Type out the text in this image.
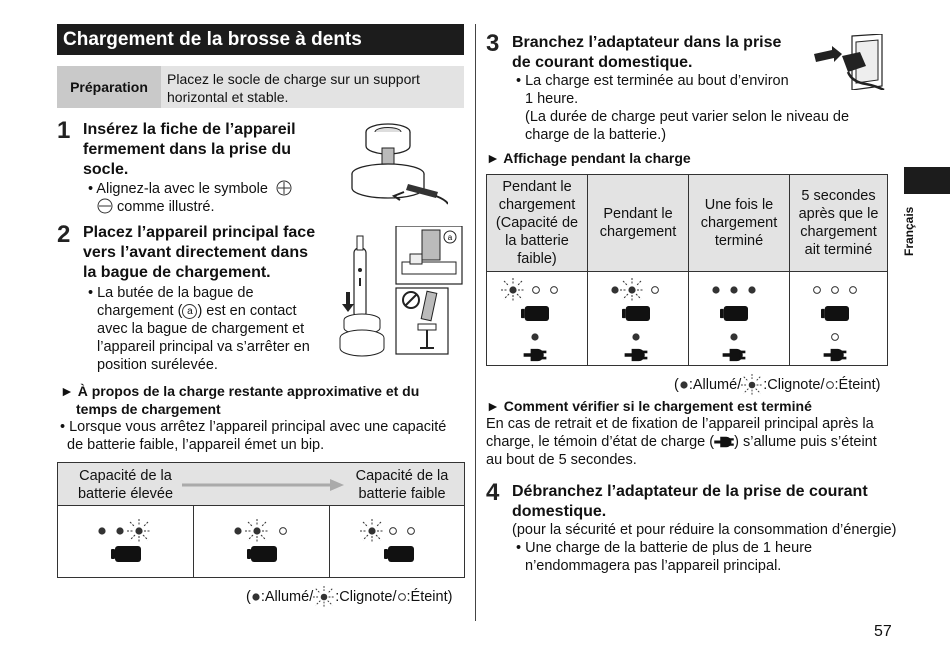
Chargement de la brosse à dents
Préparation	Placez le socle de charge sur un support
horizontal et stable.
1 Insérez la fiche de l’appareil
fermement dans la prise du
socle.
• Alignez-la avec le symbole
comme illustré.
2 Placez l’appareil principal face
vers l’avant directement dans
la bague de chargement.
• La butée de la bague de
chargement ( a ) est en contact
avec la bague de chargement et
l’appareil principal va s’arrêter en
position surélevée.
a
► À propos de la charge restante approximative et du
temps de chargement
• Lorsque vous arrêtez l’appareil principal avec une capacité
de batterie faible, l’appareil émet un bip.
Capacité de la
batterie élevée
Capacité de la
batterie faible
( :Allumé/ :Clignote/ :Éteint)
3 Branchez l’adaptateur dans la prise
de courant domestique.
• La charge est terminée au bout d’environ
1 heure.
(La durée de charge peut varier selon le niveau de
charge de la batterie.)
► Affichage pendant la charge
Pendant le
chargement
(Capacité de
la batterie
faible)
Pendant le
chargement
Une fois le
chargement
terminé
5 secondes
après que le
chargement
ait terminé
( :Allumé/ :Clignote/ :Éteint)
► Comment vérifier si le chargement est terminé
En cas de retrait et de fixation de l’appareil principal après la
charge, le témoin d’état de charge ( ) s’allume puis s’éteint
au bout de 5 secondes.
4 Débranchez l’adaptateur de la prise de courant
domestique.
(pour la sécurité et pour réduire la consommation d’énergie)
• Une charge de la batterie de plus de 1 heure
n’endommagera pas l’appareil principal.
Français
57
